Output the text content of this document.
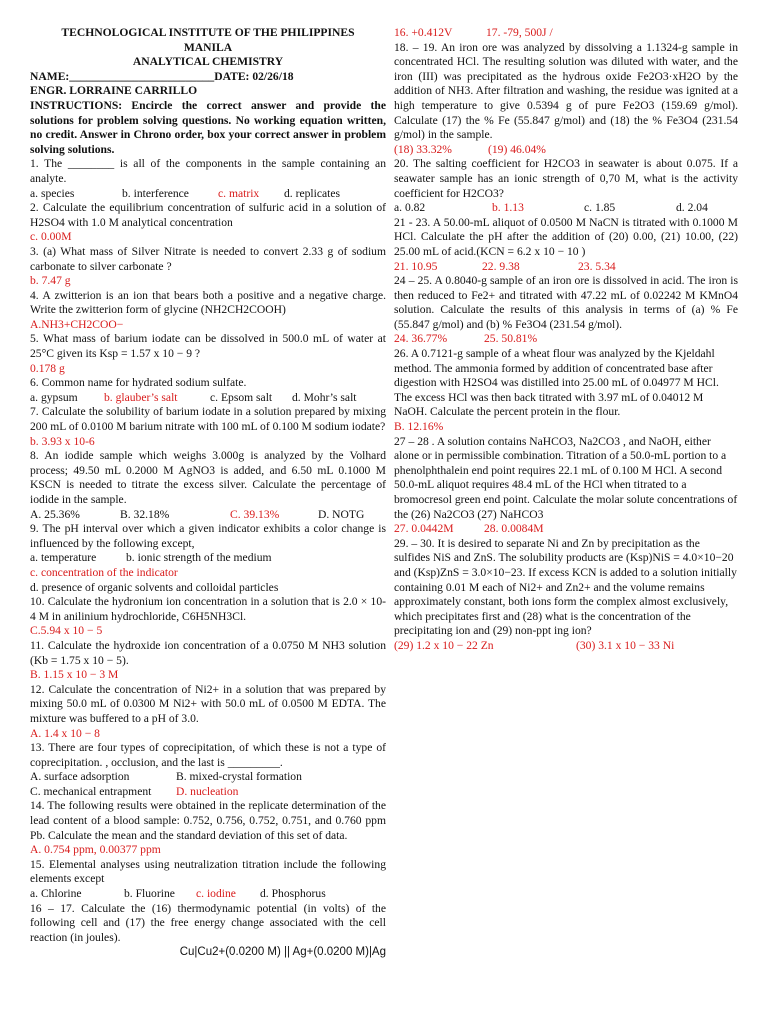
TECHNOLOGICAL INSTITUTE OF THE PHILIPPINES
MANILA
ANALYTICAL CHEMISTRY
NAME:_________________________DATE: 02/26/18
ENGR. LORRAINE CARRILLO
INSTRUCTIONS: Encircle the correct answer and provide the solutions for problem solving questions. No working equation written, no credit. Answer in Chrono order, box your correct answer in problem solving solutions.
1. The ________ is all of the components in the sample containing an analyte.
a. species	b. interference	c. matrix	d. replicates
2. Calculate the equilibrium concentration of sulfuric acid in a solution of H2SO4 with 1.0 M analytical concentration
c. 0.00M
3. (a) What mass of Silver Nitrate is needed to convert 2.33 g of sodium carbonate to silver carbonate ?
b. 7.47 g
4. A zwitterion is an ion that bears both a positive and a negative charge. Write the zwitterion form of glycine (NH2CH2COOH)
A.NH3+CH2COO−
5. What mass of barium iodate can be dissolved in 500.0 mL of water at 25°C given its Ksp = 1.57 x 10 − 9 ?
0.178 g
6. Common name for hydrated sodium sulfate.
a. gypsum	b. glauber’s salt	c. Epsom salt	d. Mohr’s salt
7. Calculate the solubility of barium iodate in a solution prepared by mixing 200 mL of 0.0100 M barium nitrate with 100 mL of 0.100 M sodium iodate?
b. 3.93 x 10-6
8. An iodide sample which weighs 3.000g is analyzed by the Volhard process; 49.50 mL 0.2000 M AgNO3 is added, and 6.50 mL 0.1000 M KSCN is needed to titrate the excess silver. Calculate the percentage of iodide in the sample.
A. 25.36%	B. 32.18%	C. 39.13%	D. NOTG
9. The pH interval over which a given indicator exhibits a color change is influenced by the following except,
a. temperature	b. ionic strength of the medium
c. concentration of the indicator
d. presence of organic solvents and colloidal particles
10. Calculate the hydronium ion concentration in a solution that is 2.0 × 10-4 M in anilinium hydrochloride, C6H5NH3Cl.
C.5.94 x 10 − 5
11. Calculate the hydroxide ion concentration of a 0.0750 M NH3 solution (Kb = 1.75 x 10 − 5).
B. 1.15 x 10 − 3 M
12. Calculate the concentration of Ni2+ in a solution that was prepared by mixing 50.0 mL of 0.0300 M Ni2+ with 50.0 mL of 0.0500 M EDTA. The mixture was buffered to a pH of 3.0.
A. 1.4 x 10 − 8
13. There are four types of coprecipitation, of which these is not a type of coprecipitation. , occlusion, and the last is _________.
A. surface adsorption	B. mixed-crystal formation
C. mechanical entrapment	D. nucleation
14. The following results were obtained in the replicate determination of the lead content of a blood sample: 0.752, 0.756, 0.752, 0.751, and 0.760 ppm Pb. Calculate the mean and the standard deviation of this set of data.
A. 0.754 ppm, 0.00377 ppm
15. Elemental analyses using neutralization titration include the following elements except
a. Chlorine	b. Fluorine	c. iodine	d. Phosphorus
16 – 17. Calculate the (16) thermodynamic potential (in volts) of the following cell and (17) the free energy change associated with the cell reaction (in joules).
Cu|Cu2+(0.0200 M) || Ag+(0.0200 M)|Ag
16. +0.412V	17. -79, 500J /
18. – 19. An iron ore was analyzed by dissolving a 1.1324-g sample in concentrated HCl. The resulting solution was diluted with water, and the iron (III) was precipitated as the hydrous oxide Fe2O3·xH2O by the addition of NH3. After filtration and washing, the residue was ignited at a high temperature to give 0.5394 g of pure Fe2O3 (159.69 g/mol). Calculate (17) the % Fe (55.847 g/mol) and (18) the % Fe3O4 (231.54 g/mol) in the sample.
(18) 33.32%	(19) 46.04%
20. The salting coefficient for H2CO3 in seawater is about 0.075. If a seawater sample has an ionic strength of 0,70 M, what is the activity coefficient for H2CO3?
a. 0.82	b. 1.13	c. 1.85	d. 2.04
21 - 23. A 50.00-mL aliquot of 0.0500 M NaCN is titrated with 0.1000 M HCl. Calculate the pH after the addition of (20) 0.00, (21) 10.00, (22) 25.00 mL of acid.(KCN = 6.2 x 10 − 10 )
21. 10.95	22. 9.38	23. 5.34
24 – 25. A 0.8040-g sample of an iron ore is dissolved in acid. The iron is then reduced to Fe2+ and titrated with 47.22 mL of 0.02242 M KMnO4 solution. Calculate the results of this analysis in terms of (a) % Fe (55.847 g/mol) and (b) % Fe3O4 (231.54 g/mol).
24. 36.77%	25. 50.81%
26. A 0.7121-g sample of a wheat flour was analyzed by the Kjeldahl method. The ammonia formed by addition of concentrated base after digestion with H2SO4 was distilled into 25.00 mL of 0.04977 M HCl. The excess HCl was then back titrated with 3.97 mL of 0.04012 M NaOH. Calculate the percent protein in the flour.
B. 12.16%
27 – 28 . A solution contains NaHCO3, Na2CO3 , and NaOH, either alone or in permissible combination. Titration of a 50.0-mL portion to a phenolphthalein end point requires 22.1 mL of 0.100 M HCl. A second 50.0-mL aliquot requires 48.4 mL of the HCl when titrated to a bromocresol green end point. Calculate the molar solute concentrations of the (26) Na2CO3 (27) NaHCO3
27. 0.0442M	28. 0.0084M
29. – 30. It is desired to separate Ni and Zn by precipitation as the sulfides NiS and ZnS. The solubility products are (Ksp)NiS = 4.0×10−20 and (Ksp)ZnS = 3.0×10−23. If excess KCN is added to a solution initially containing 0.01 M each of Ni2+ and Zn2+ and the volume remains approximately constant, both ions form the complex almost exclusively, which precipitates first and (28) what is the concentration of the precipitating ion and (29) non-ppt ing ion?
(29) 1.2 x 10 − 22 Zn	(30) 3.1 x 10 − 33 Ni
